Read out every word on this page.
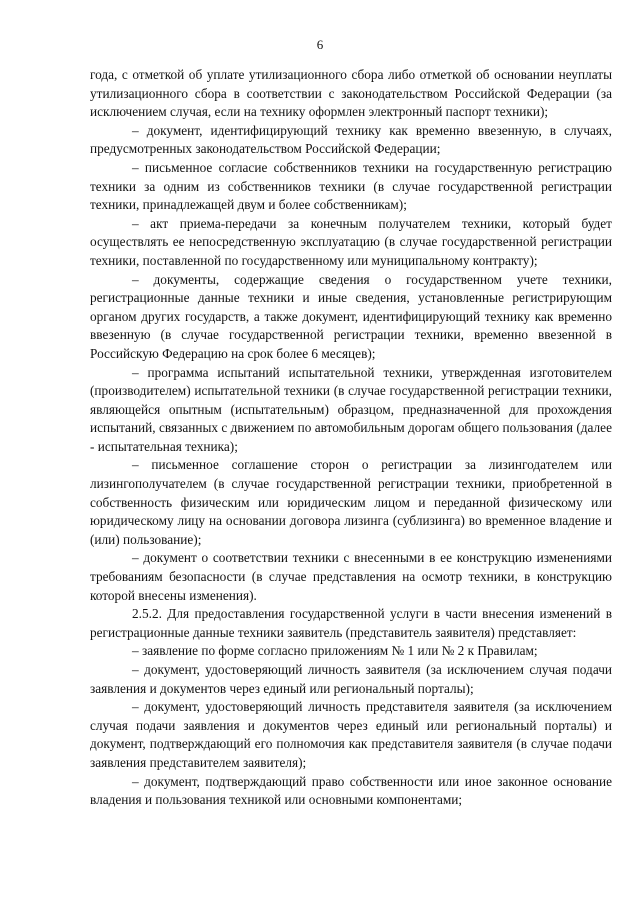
6

года, с отметкой об уплате утилизационного сбора либо отметкой об основании неуплаты утилизационного сбора в соответствии с законодательством Российской Федерации (за исключением случая, если на технику оформлен электронный паспорт техники);

– документ, идентифицирующий технику как временно ввезенную, в случаях, предусмотренных законодательством Российской Федерации;

– письменное согласие собственников техники на государственную регистрацию техники за одним из собственников техники (в случае государственной регистрации техники, принадлежащей двум и более собственникам);

– акт приема-передачи за конечным получателем техники, который будет осуществлять ее непосредственную эксплуатацию (в случае государственной регистрации техники, поставленной по государственному или муниципальному контракту);

– документы, содержащие сведения о государственном учете техники, регистрационные данные техники и иные сведения, установленные регистрирующим органом других государств, а также документ, идентифицирующий технику как временно ввезенную (в случае государственной регистрации техники, временно ввезенной в Российскую Федерацию на срок более 6 месяцев);

– программа испытаний испытательной техники, утвержденная изготовителем (производителем) испытательной техники (в случае государственной регистрации техники, являющейся опытным (испытательным) образцом, предназначенной для прохождения испытаний, связанных с движением по автомобильным дорогам общего пользования (далее - испытательная техника);

– письменное соглашение сторон о регистрации за лизингодателем или лизингополучателем (в случае государственной регистрации техники, приобретенной в собственность физическим или юридическим лицом и переданной физическому или юридическому лицу на основании договора лизинга (сублизинга) во временное владение и (или) пользование);

– документ о соответствии техники с внесенными в ее конструкцию изменениями требованиям безопасности (в случае представления на осмотр техники, в конструкцию которой внесены изменения).

2.5.2. Для предоставления государственной услуги в части внесения изменений в регистрационные данные техники заявитель (представитель заявителя) представляет:

– заявление по форме согласно приложениям № 1 или № 2 к Правилам;

– документ, удостоверяющий личность заявителя (за исключением случая подачи заявления и документов через единый или региональный порталы);

– документ, удостоверяющий личность представителя заявителя (за исключением случая подачи заявления и документов через единый или региональный порталы) и документ, подтверждающий его полномочия как представителя заявителя (в случае подачи заявления представителем заявителя);

– документ, подтверждающий право собственности или иное законное основание владения и пользования техникой или основными компонентами;
